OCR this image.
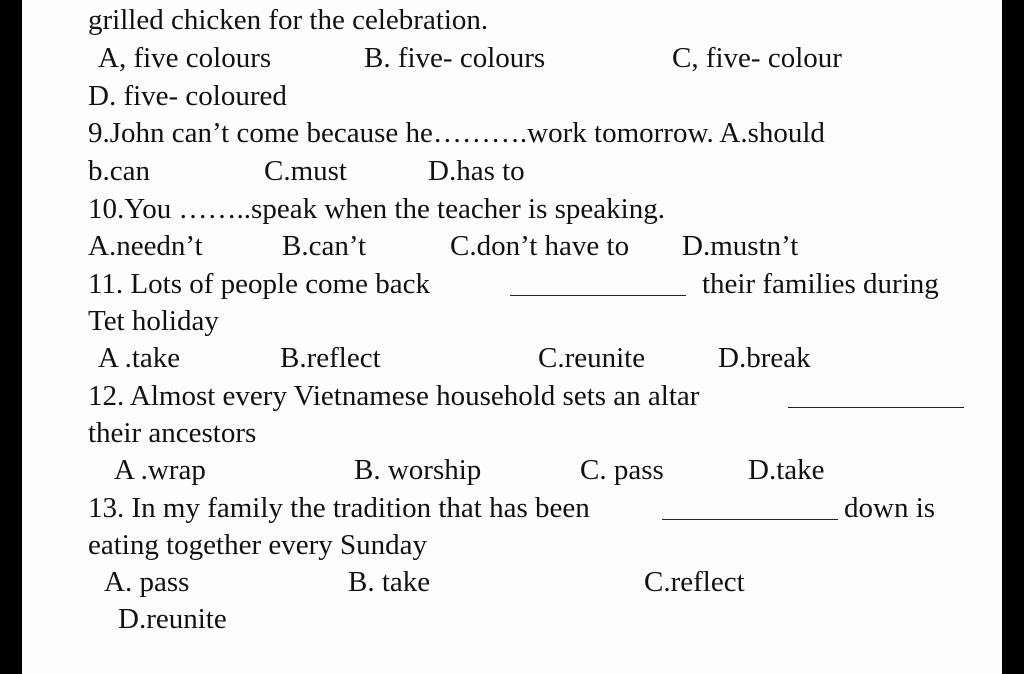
grilled chicken for the celebration.
A, five colours	B. five- colours	C, five- colour
D. five- coloured
9.John can’t come because he……….work tomorrow. A.should
b.can	C.must	D.has to
10.You ……..speak when the teacher is speaking.
A.needn’t	B.can’t	C.don’t have to D.mustn’t
11. Lots of people come back	their families during
Tet holiday
A .take	B.reflect	C.reunite	D.break
12. Almost every Vietnamese household sets an altar
their ancestors
A .wrap	B. worship	C. pass	D.take
13. In my family the tradition that has been	down is
eating together every Sunday
A. pass	B. take	C.reflect
D.reunite
